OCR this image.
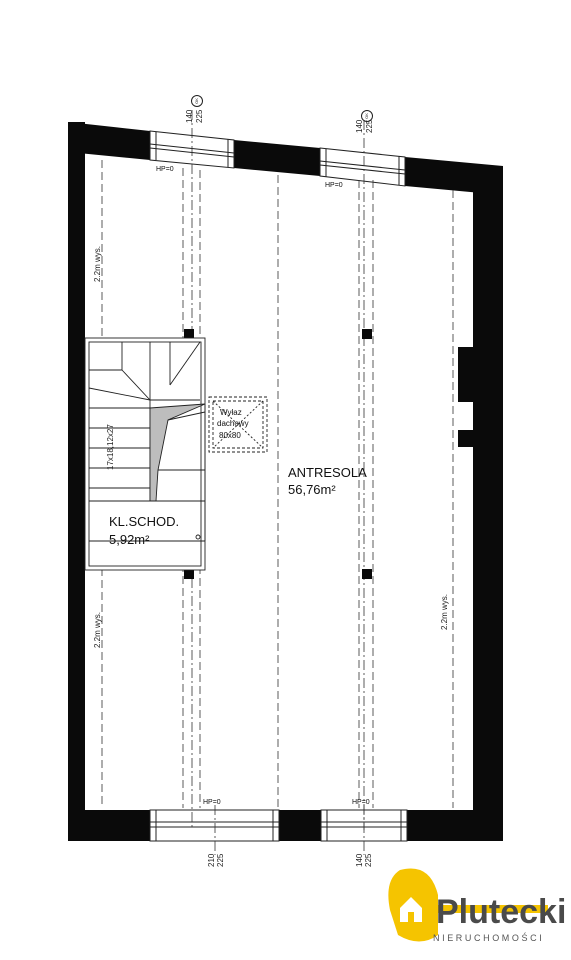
ANTRESOLA
56,76m²
KL.SCHOD.
5,92m²
Wyłaz
dachowy
80x80
17x18,12x27
2.2m wys.
2.2m wys.	2.2m wys.
HP=0
HP=0
HP=0	HP=0
140 225
OK
140 225
OK
210 225	140 225
Plutecki
NIERUCHOMOŚCI
